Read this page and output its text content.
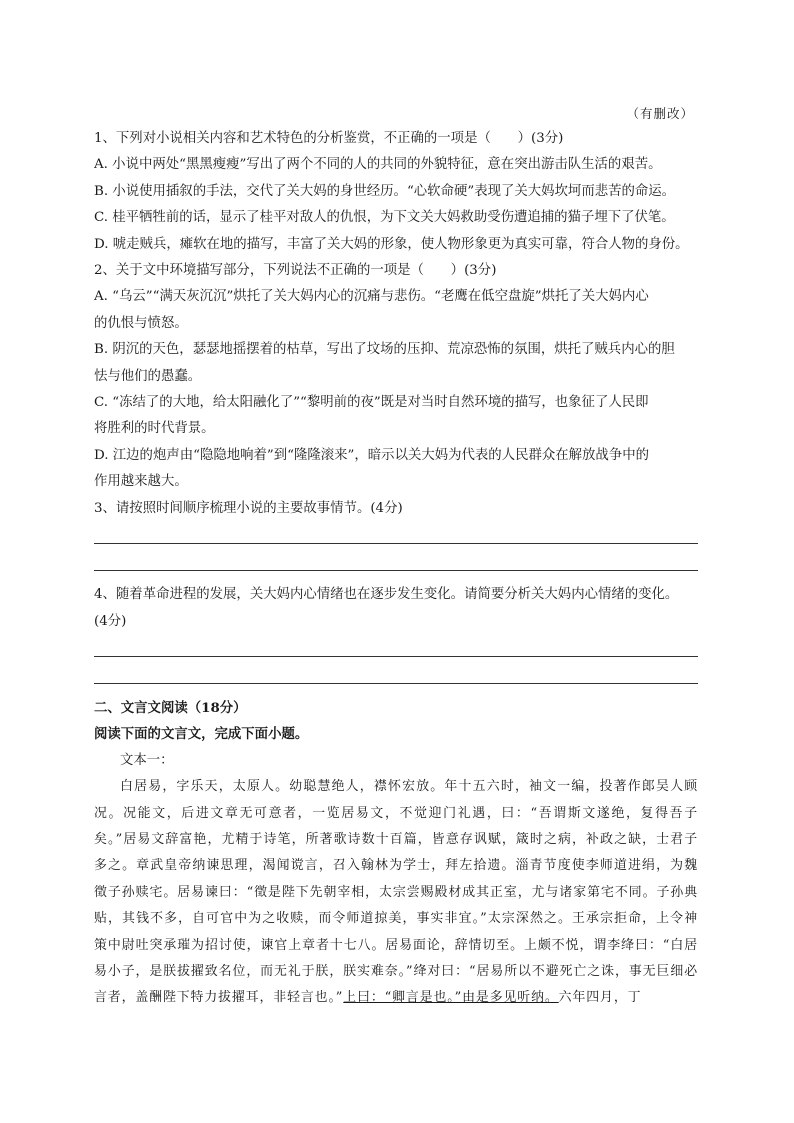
（有删改）
1、下列对小说相关内容和艺术特色的分析鉴赏，不正确的一项是（　　）(3分)
A. 小说中两处“黑黑瘦瘦”写出了两个不同的人的共同的外貌特征，意在突出游击队生活的艰苦。
B. 小说使用插叙的手法，交代了关大妈的身世经历。“心软命硬”表现了关大妈坎坷而悲苦的命运。
C. 桂平牺牲前的话，显示了桂平对敌人的仇恨，为下文关大妈救助受伤遭追捕的猫子埋下了伏笔。
D. 唬走贼兵，瘫软在地的描写，丰富了关大妈的形象，使人物形象更为真实可靠，符合人物的身份。
2、关于文中环境描写部分，下列说法不正确的一项是（　　）(3分)
A. “乌云”“满天灰沉沉”烘托了关大妈内心的沉痛与悲伤。“老鹰在低空盘旋”烘托了关大妈内心
的仇恨与愤怒。
B. 阴沉的天色，瑟瑟地摇摆着的枯草，写出了坟场的压抑、荒凉恐怖的氛围，烘托了贼兵内心的胆
怯与他们的愚蠢。
C. “冻结了的大地，给太阳融化了”“黎明前的夜”既是对当时自然环境的描写，也象征了人民即
将胜利的时代背景。
D. 江边的炮声由“隐隐地响着”到“隆隆滚来”，暗示以关大妈为代表的人民群众在解放战争中的
作用越来越大。
3、请按照时间顺序梳理小说的主要故事情节。(4分)
4、随着革命进程的发展，关大妈内心情绪也在逐步发生变化。请简要分析关大妈内心情绪的变化。
(4分)
二、文言文阅读（18分）
阅读下面的文言文，完成下面小题。
文本一：
白居易，字乐天，太原人。幼聪慧绝人，襟怀宏放。年十五六时，袖文一编，投著作郎吴人顾况。况能文，后进文章无可意者，一览居易文，不觉迎门礼遇，曰：“吾谓斯文遂绝，复得吾子矣。”居易文辞富艳，尤精于诗笔，所著歌诗数十百篇，皆意存讽赋，箴时之病，补政之缺，士君子多之。章武皇帝纳谏思理，渴闻谠言，召入翰林为学士，拜左拾遗。淄青节度使李师道进绢，为魏徵子孙赎宅。居易谏曰：“徵是陛下先朝宰相，太宗尝赐殿材成其正室，尤与诸家第宅不同。子孙典贴，其钱不多，自可官中为之收赎，而令师道掠美，事实非宜。”太宗深然之。王承宗拒命，上令神策中尉吐突承璀为招讨使，谏官上章者十七八。居易面论，辞情切至。上颇不悦，谓李绛曰：“白居易小子，是朕拔擢致名位，而无礼于朕，朕实难奈。”绛对曰：“居易所以不避死亡之诛，事无巨细必言者，盖酬陛下特力拔擢耳，非轻言也。”上曰：“卿言是也。”由是多见听纳。六年四月，丁
